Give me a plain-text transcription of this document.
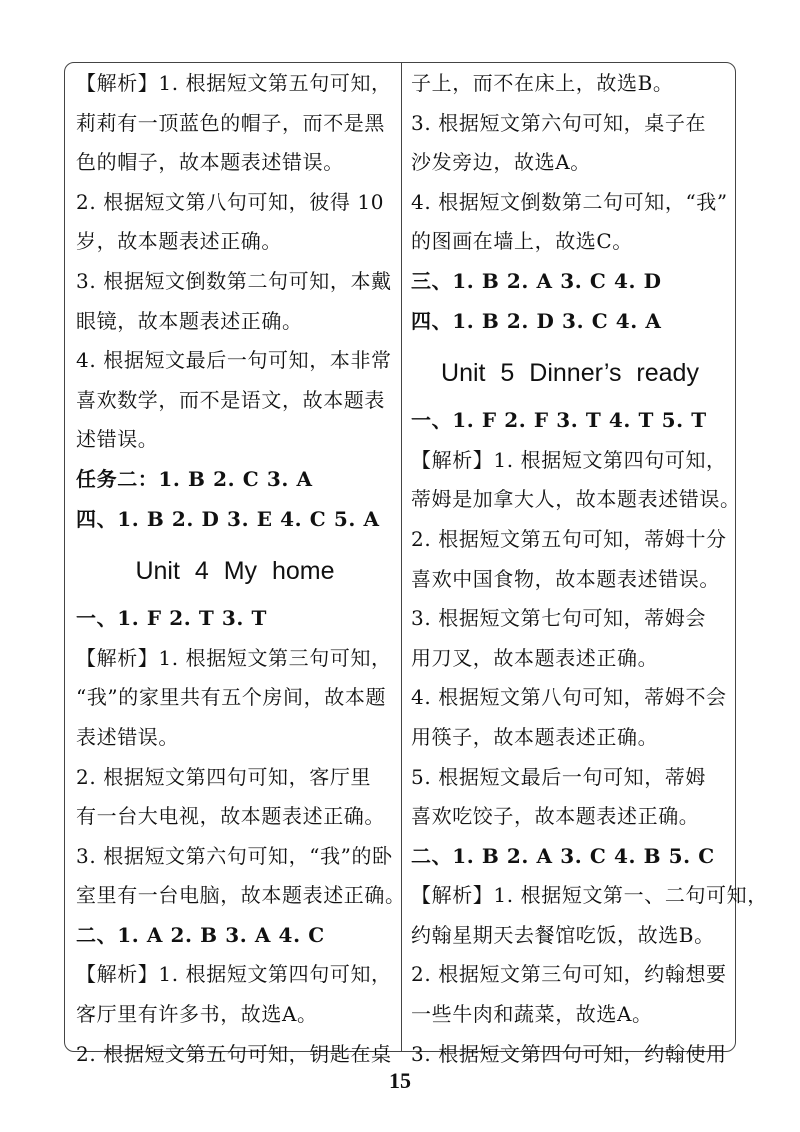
【解析】1. 根据短文第五句可知，
莉莉有一顶蓝色的帽子，而不是黑
色的帽子，故本题表述错误。
2. 根据短文第八句可知，彼得 10
岁，故本题表述正确。
3. 根据短文倒数第二句可知，本戴
眼镜，故本题表述正确。
4. 根据短文最后一句可知，本非常
喜欢数学，而不是语文，故本题表
述错误。
任务二：1. B 2. C 3. A
四、1. B 2. D 3. E 4. C 5. A
Unit 4 My home
一、1. F 2. T 3. T
【解析】1. 根据短文第三句可知，
“我”的家里共有五个房间，故本题
表述错误。
2. 根据短文第四句可知，客厅里
有一台大电视，故本题表述正确。
3. 根据短文第六句可知，“我”的卧
室里有一台电脑，故本题表述正确。
二、1. A 2. B 3. A 4. C
【解析】1. 根据短文第四句可知，
客厅里有许多书，故选A。
2. 根据短文第五句可知，钥匙在桌
子上，而不在床上，故选B。
3. 根据短文第六句可知，桌子在
沙发旁边，故选A。
4. 根据短文倒数第二句可知，“我”
的图画在墙上，故选C。
三、1. B 2. A 3. C 4. D
四、1. B 2. D 3. C 4. A
Unit 5 Dinner’s ready
一、1. F 2. F 3. T 4. T 5. T
【解析】1. 根据短文第四句可知，
蒂姆是加拿大人，故本题表述错误。
2. 根据短文第五句可知，蒂姆十分
喜欢中国食物，故本题表述错误。
3. 根据短文第七句可知，蒂姆会
用刀叉，故本题表述正确。
4. 根据短文第八句可知，蒂姆不会
用筷子，故本题表述正确。
5. 根据短文最后一句可知，蒂姆
喜欢吃饺子，故本题表述正确。
二、1. B 2. A 3. C 4. B 5. C
【解析】1. 根据短文第一、二句可知，
约翰星期天去餐馆吃饭，故选B。
2. 根据短文第三句可知，约翰想要
一些牛肉和蔬菜，故选A。
3. 根据短文第四句可知，约翰使用
15
